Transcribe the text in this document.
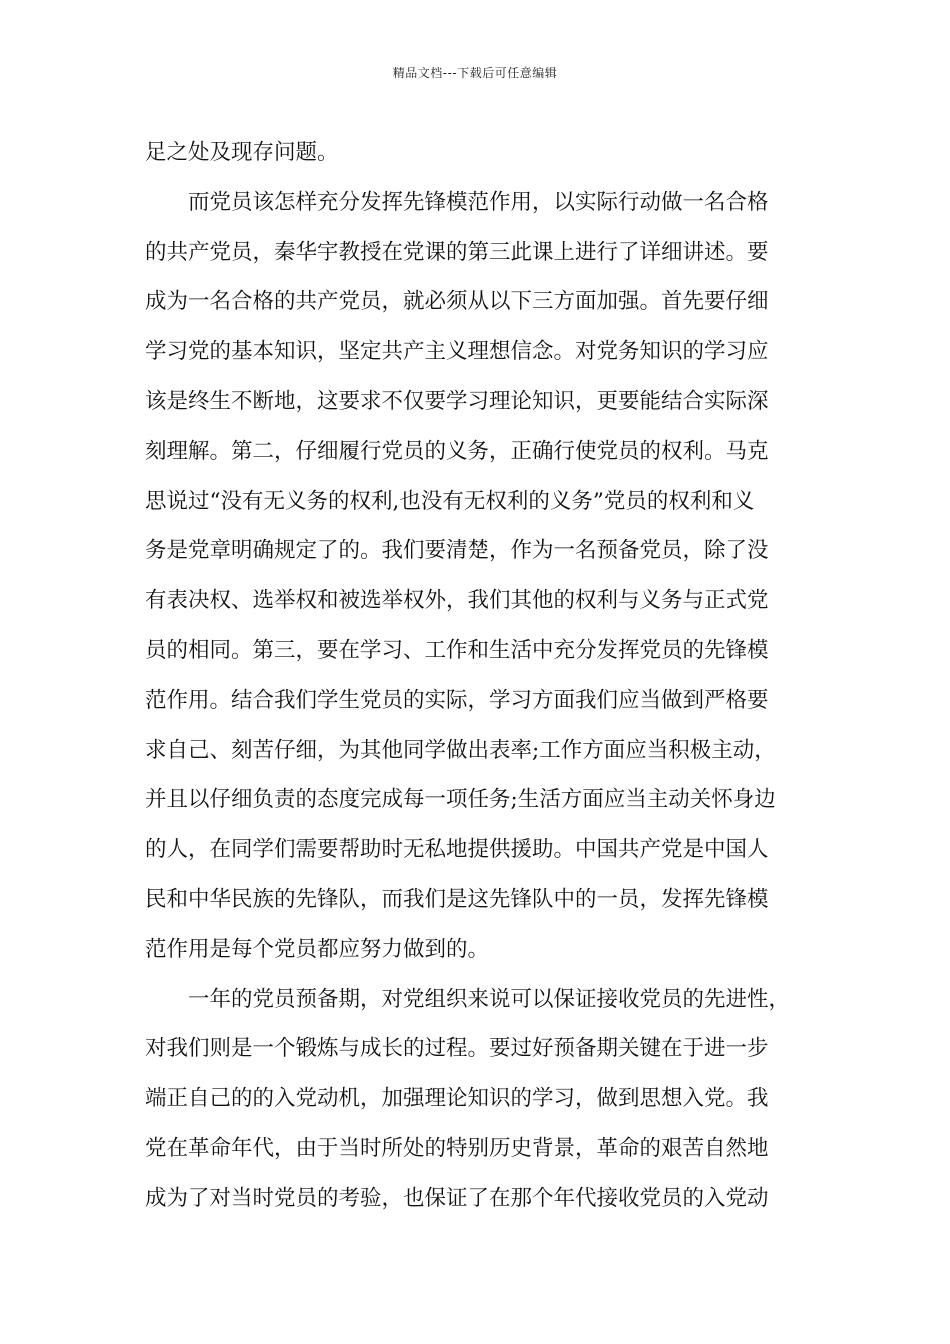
精品文档---下载后可任意编辑
足之处及现存问题。
而党员该怎样充分发挥先锋模范作用，以实际行动做一名合格
的共产党员，秦华宇教授在党课的第三此课上进行了详细讲述。要
成为一名合格的共产党员，就必须从以下三方面加强。首先要仔细
学习党的基本知识，坚定共产主义理想信念。对党务知识的学习应
该是终生不断地，这要求不仅要学习理论知识，更要能结合实际深
刻理解。第二，仔细履行党员的义务，正确行使党员的权利。马克
思说过“没有无义务的权利,也没有无权利的义务”党员的权利和义
务是党章明确规定了的。我们要清楚，作为一名预备党员，除了没
有表决权、选举权和被选举权外，我们其他的权利与义务与正式党
员的相同。第三，要在学习、工作和生活中充分发挥党员的先锋模
范作用。结合我们学生党员的实际，学习方面我们应当做到严格要
求自己、刻苦仔细，为其他同学做出表率;工作方面应当积极主动，
并且以仔细负责的态度完成每一项任务;生活方面应当主动关怀身边
的人，在同学们需要帮助时无私地提供援助。中国共产党是中国人
民和中华民族的先锋队，而我们是这先锋队中的一员，发挥先锋模
范作用是每个党员都应努力做到的。
一年的党员预备期，对党组织来说可以保证接收党员的先进性，
对我们则是一个锻炼与成长的过程。要过好预备期关键在于进一步
端正自己的的入党动机，加强理论知识的学习，做到思想入党。我
党在革命年代，由于当时所处的特别历史背景，革命的艰苦自然地
成为了对当时党员的考验，也保证了在那个年代接收党员的入党动
